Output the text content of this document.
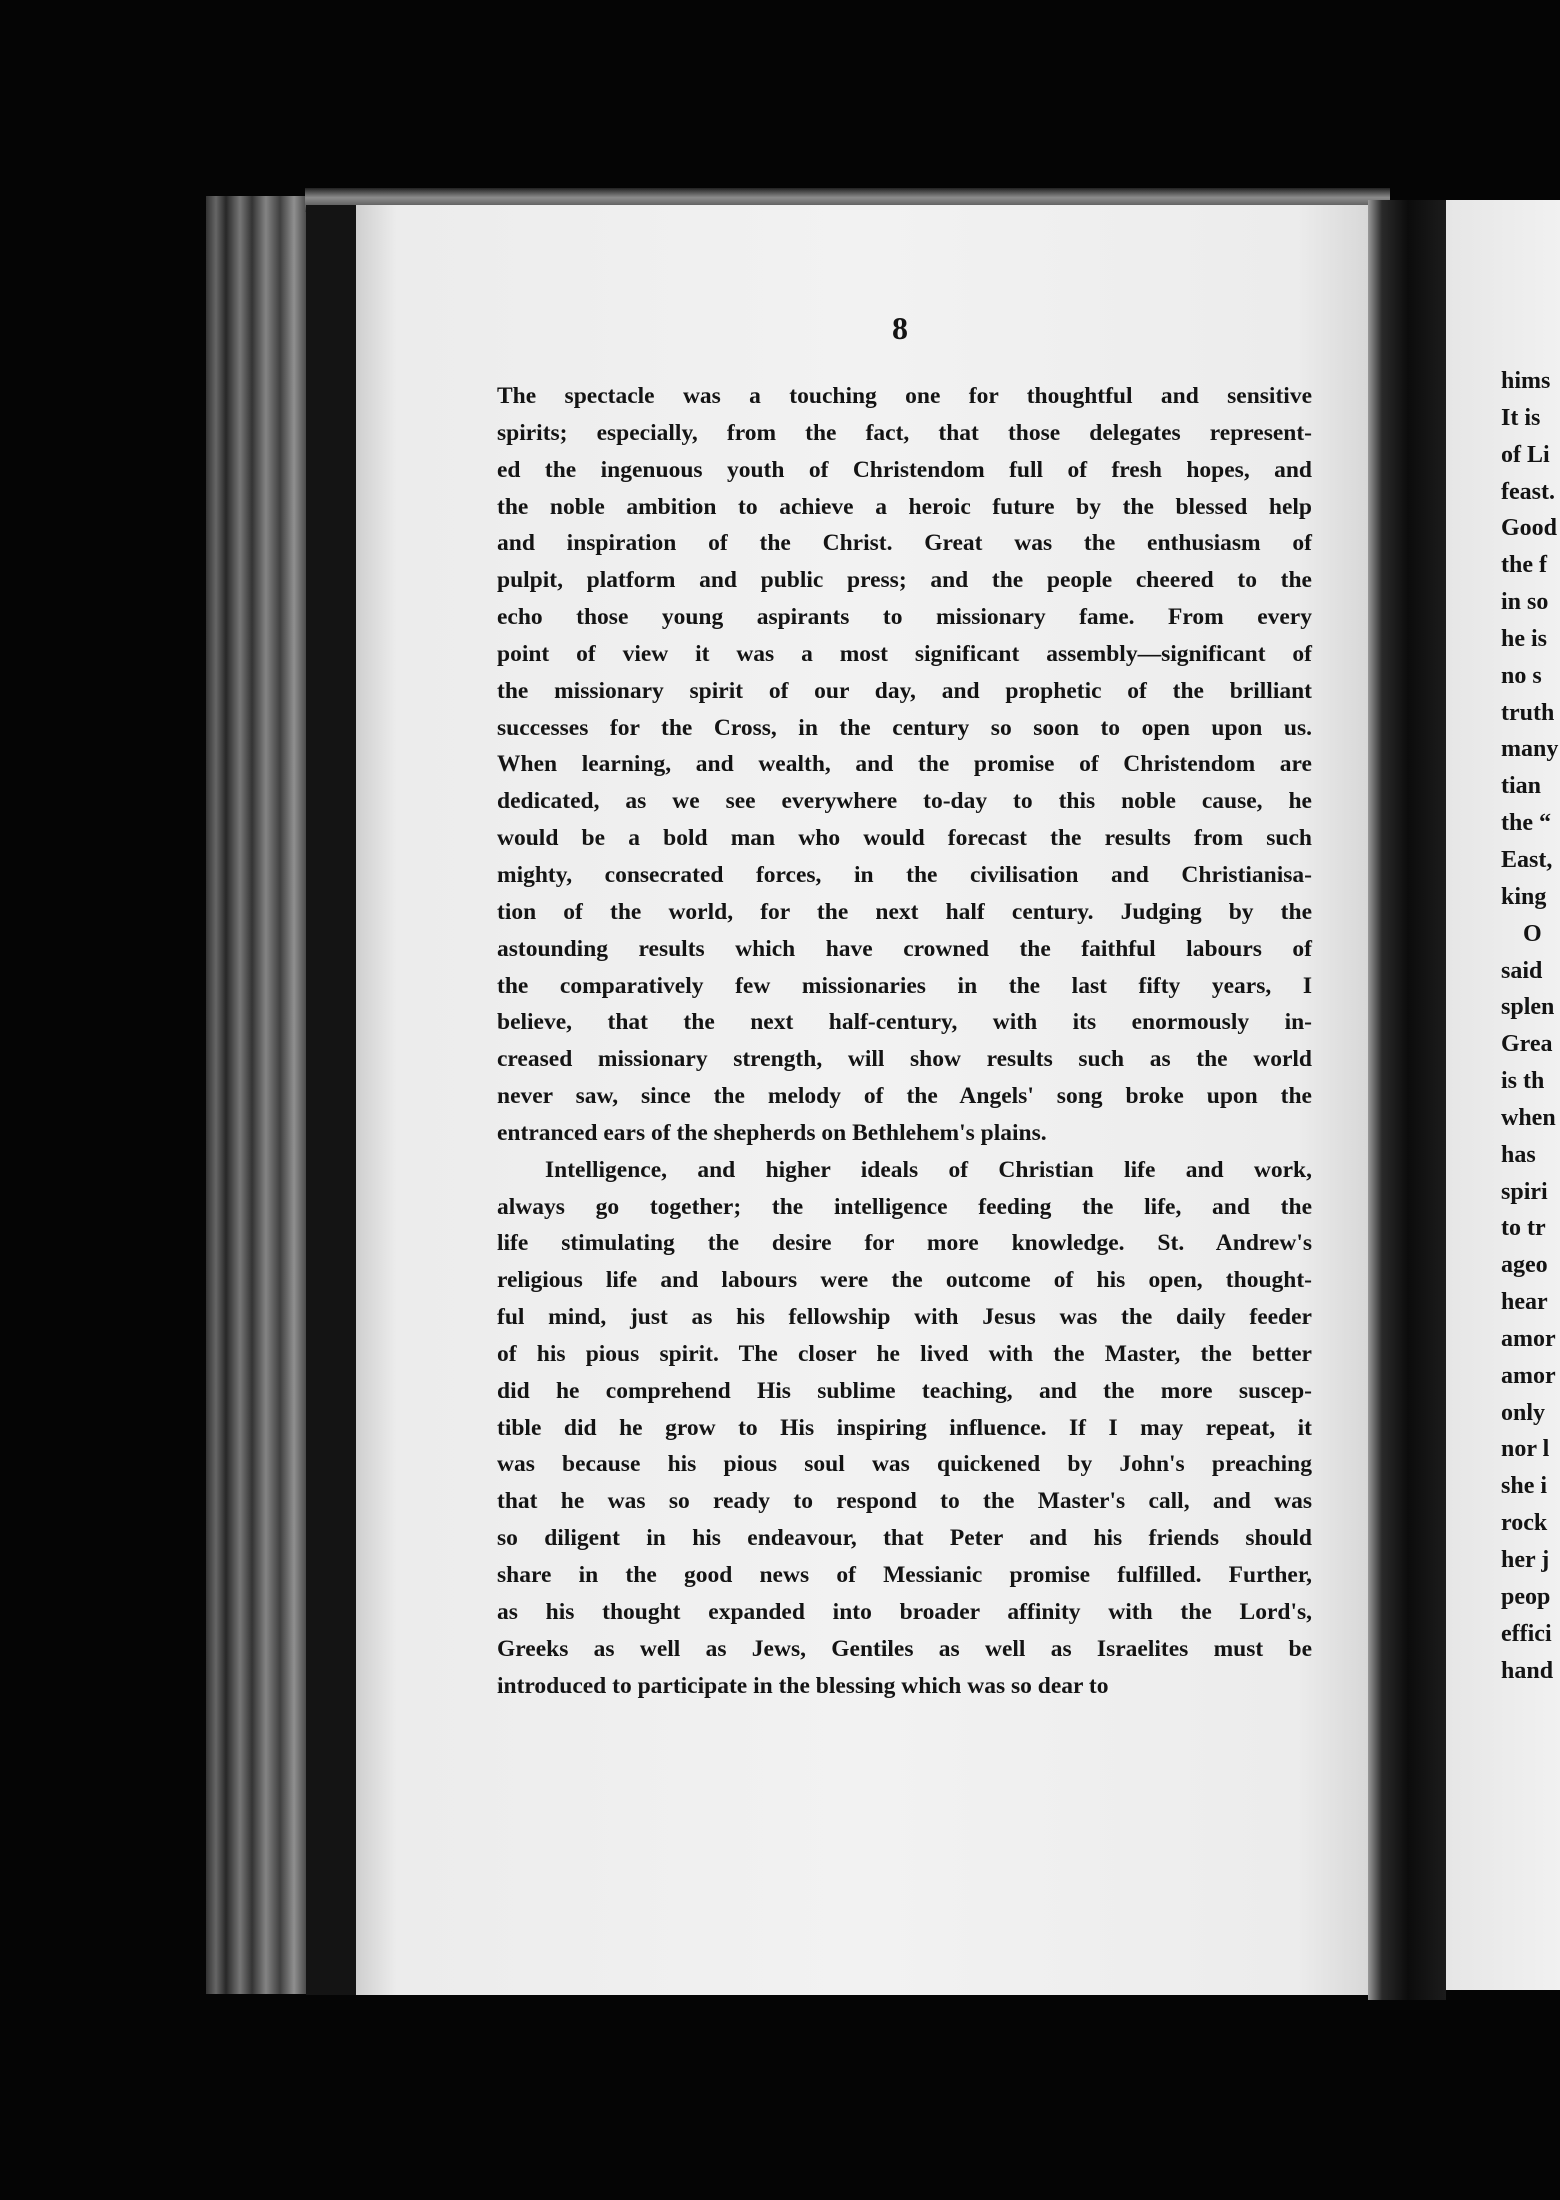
8

The spectacle was a touching one for thoughtful and sensitive
spirits; especially, from the fact, that those delegates represent-
ed the ingenuous youth of Christendom full of fresh hopes, and
the noble ambition to achieve a heroic future by the blessed help
and inspiration of the Christ. Great was the enthusiasm of
pulpit, platform and public press; and the people cheered to the
echo those young aspirants to missionary fame. From every
point of view it was a most significant assembly—significant of
the missionary spirit of our day, and prophetic of the brilliant
successes for the Cross, in the century so soon to open upon us.
When learning, and wealth, and the promise of Christendom are
dedicated, as we see everywhere to-day to this noble cause, he
would be a bold man who would forecast the results from such
mighty, consecrated forces, in the civilisation and Christianisa-
tion of the world, for the next half century. Judging by the
astounding results which have crowned the faithful labours of
the comparatively few missionaries in the last fifty years, I
believe, that the next half-century, with its enormously in-
creased missionary strength, will show results such as the world
never saw, since the melody of the Angels' song broke upon the
entranced ears of the shepherds on Bethlehem's plains.

Intelligence, and higher ideals of Christian life and work,
always go together; the intelligence feeding the life, and the
life stimulating the desire for more knowledge. St. Andrew's
religious life and labours were the outcome of his open, thought-
ful mind, just as his fellowship with Jesus was the daily feeder
of his pious spirit. The closer he lived with the Master, the better
did he comprehend His sublime teaching, and the more suscep-
tible did he grow to His inspiring influence. If I may repeat, it
was because his pious soul was quickened by John's preaching
that he was so ready to respond to the Master's call, and was
so diligent in his endeavour, that Peter and his friends should
share in the good news of Messianic promise fulfilled. Further,
as his thought expanded into broader affinity with the Lord's,
Greeks as well as Jews, Gentiles as well as Israelites must be
introduced to participate in the blessing which was so dear to

hims
It is
of Li
feast.
Good
the f
in so
he is
no s
truth
many
tian
the “
East,
king
O
said
splen
Grea
is th
when
has
spiri
to tr
ageo
hear
amor
amor
only
nor l
she i
rock
her j
peop
effici
hand
